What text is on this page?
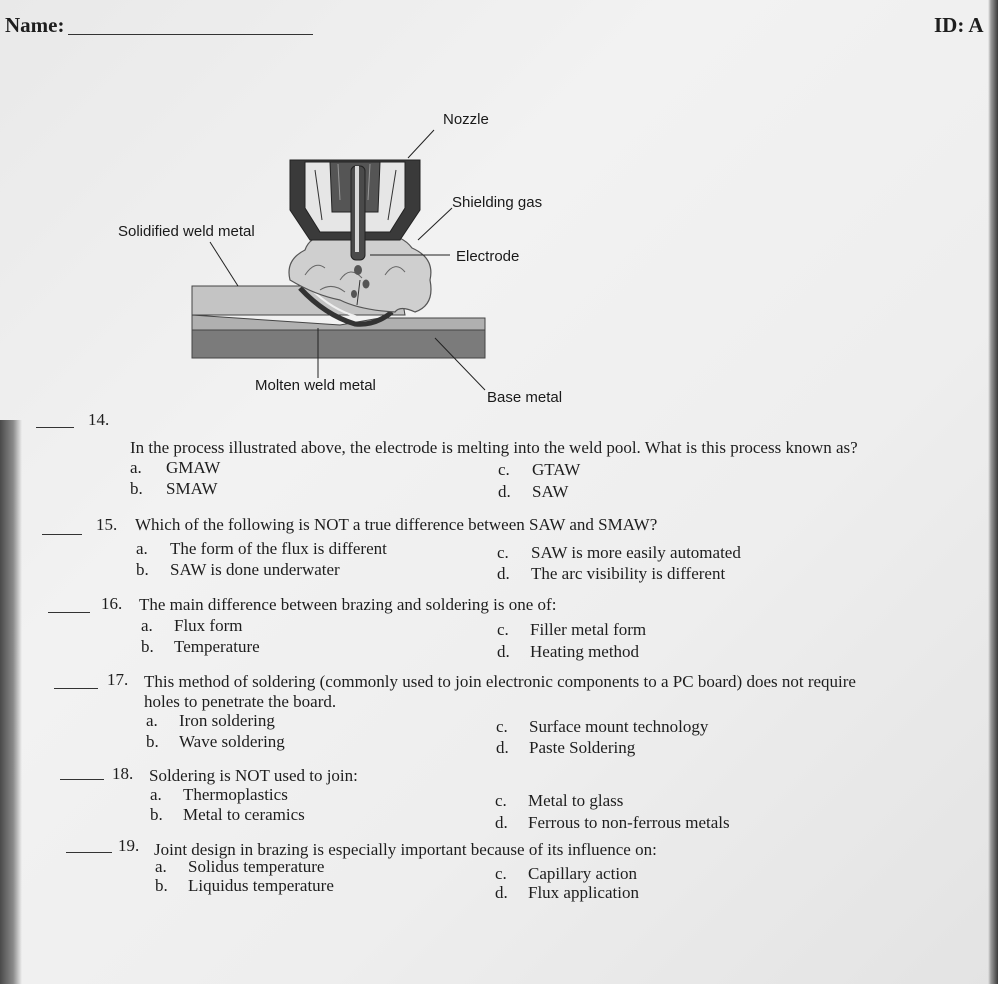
Name:	ID: A
Nozzle
Shielding gas
Solidified weld metal
Electrode
Molten weld metal
Base metal
14.
In the process illustrated above, the electrode is melting into the weld pool. What is this process known as?
a. GMAW
b. SMAW
c. GTAW
d. SAW
15. Which of the following is NOT a true difference between SAW and SMAW?
a. The form of the flux is different
b. SAW is done underwater
c. SAW is more easily automated
d. The arc visibility is different
16. The main difference between brazing and soldering is one of:
a. Flux form
b. Temperature
c. Filler metal form
d. Heating method
17. This method of soldering (commonly used to join electronic components to a PC board) does not require
holes to penetrate the board.
a. Iron soldering
b. Wave soldering
c. Surface mount technology
d. Paste Soldering
18. Soldering is NOT used to join:
a. Thermoplastics
b. Metal to ceramics
c. Metal to glass
d. Ferrous to non-ferrous metals
19. Joint design in brazing is especially important because of its influence on:
a. Solidus temperature
b. Liquidus temperature
c. Capillary action
d. Flux application
